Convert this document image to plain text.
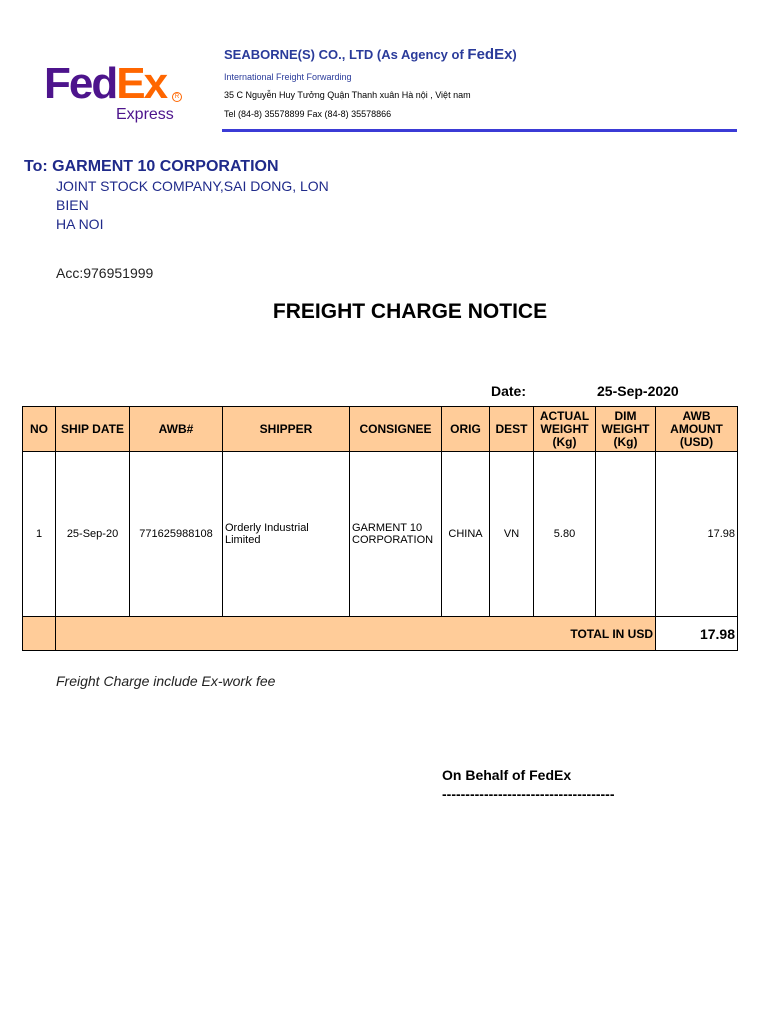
FedEx	R
Express
SEABORNE(S) CO., LTD (As Agency of FedEx)
International Freight Forwarding
35 C Nguyễn Huy Tưởng Quận Thanh xuân Hà nội , Việt nam
Tel (84-8) 35578899 Fax (84-8) 35578866
To: GARMENT 10 CORPORATION
JOINT STOCK COMPANY,SAI DONG, LON
BIEN
HA NOI
Acc:976951999
FREIGHT CHARGE NOTICE
Date:	25-Sep-2020
NO	SHIP DATE	AWB#	SHIPPER	CONSIGNEE	ORIG	DEST	ACTUAL WEIGHT (Kg)	DIM WEIGHT (Kg)	AWB AMOUNT (USD)
1	25-Sep-20	771625988108	Orderly Industrial Limited	GARMENT 10 CORPORATION	CHINA	VN	5.80		17.98
	TOTAL IN USD								17.98
Freight Charge include Ex-work fee
On Behalf of FedEx
-------------------------------------
